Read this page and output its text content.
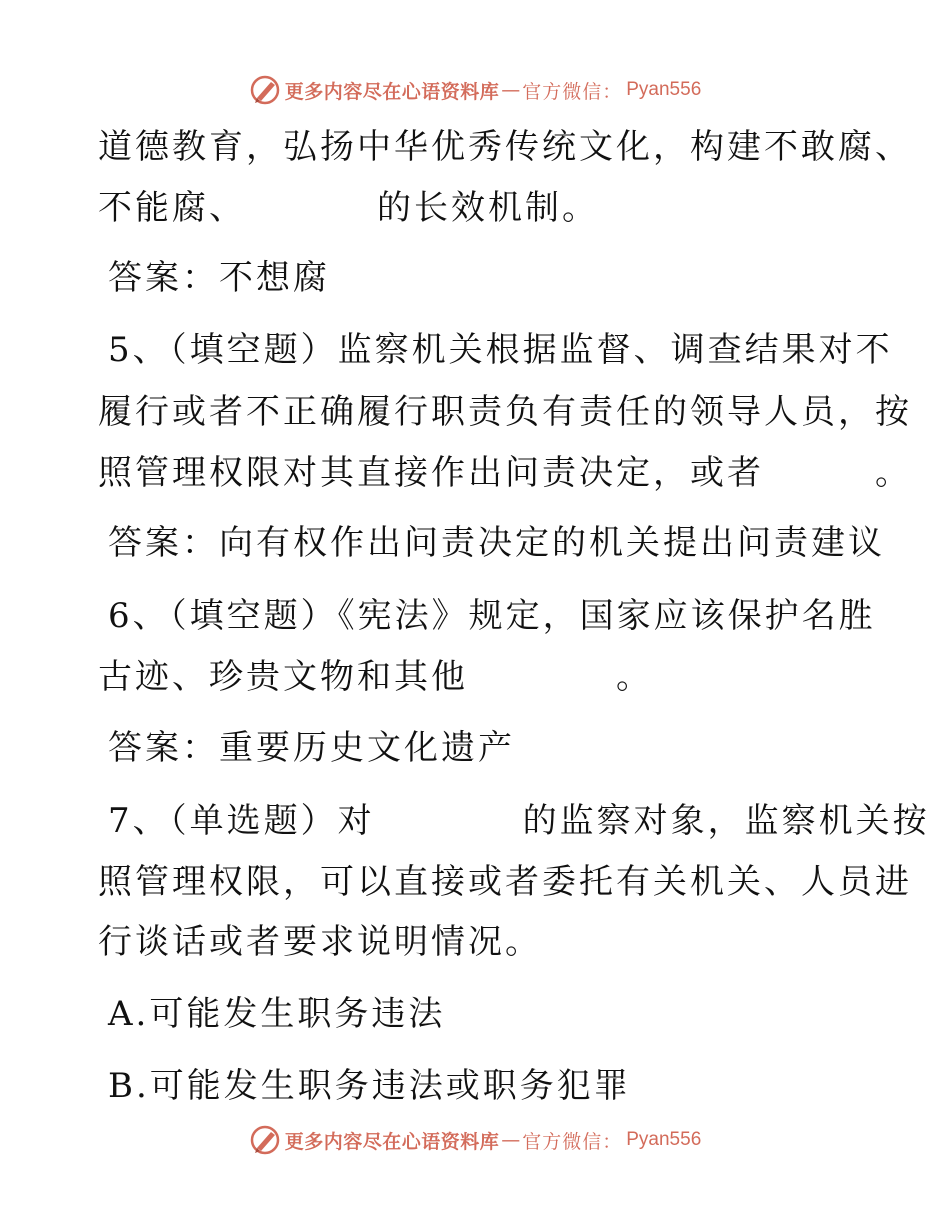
更多内容尽在心语资料库 — 官方微信： Pyan556
道德教育，弘扬中华优秀传统文化，构建不敢腐、
不能腐、　　　　的长效机制。
答案：不想腐
5、（填空题）监察机关根据监督、调查结果对不
履行或者不正确履行职责负有责任的领导人员，按
照管理权限对其直接作出问责决定，或者　　　。
答案：向有权作出问责决定的机关提出问责建议
6、（填空题）《宪法》规定，国家应该保护名胜
古迹、珍贵文物和其他　　　　。
答案：重要历史文化遗产
7、（单选题）对　　　　的监察对象，监察机关按
照管理权限，可以直接或者委托有关机关、人员进
行谈话或者要求说明情况。
A.可能发生职务违法
B.可能发生职务违法或职务犯罪
更多内容尽在心语资料库 — 官方微信： Pyan556
